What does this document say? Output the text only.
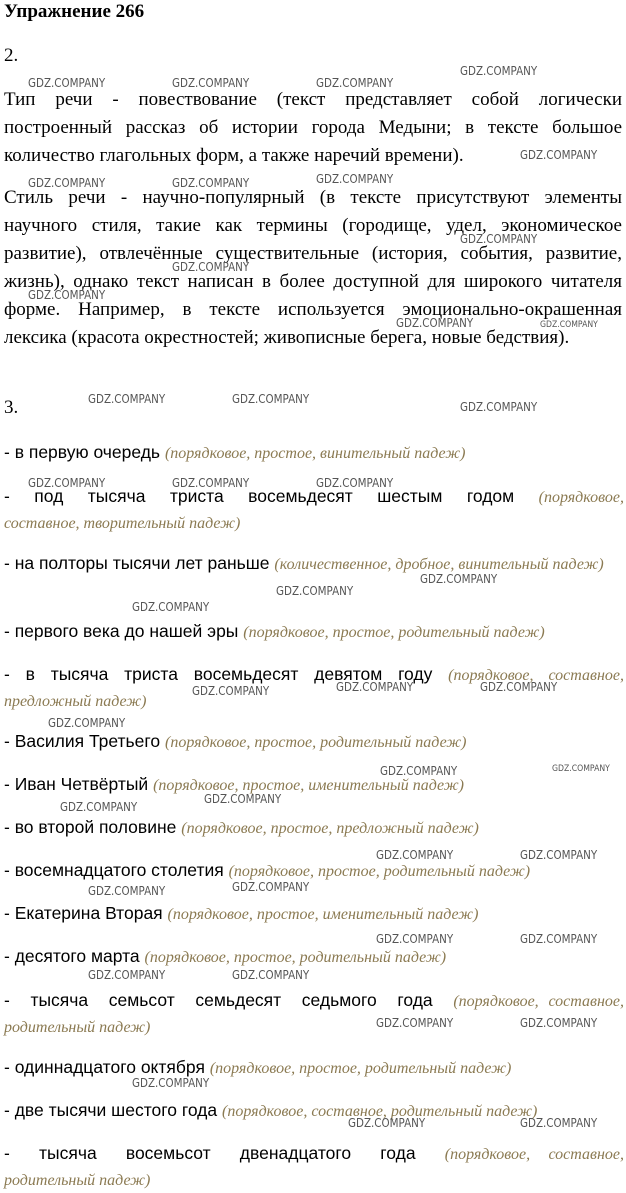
Упражнение 266
2.

Тип речи - повествование (текст представляет собой логически построенный рассказ об истории города Медыни; в тексте большое количество глагольных форм, а также наречий времени).

Стиль речи - научно-популярный (в тексте присутствуют элементы научного стиля, такие как термины (городище, удел, экономическое развитие), отвлечённые существительные (история, события, развитие, жизнь), однако текст написан в более доступной для широкого читателя форме. Например, в тексте используется эмоционально-окрашенная лексика (красота окрестностей; живописные берега, новые бедствия).

3.

- в первую очередь (порядковое, простое, винительный падеж)

- под тысяча триста восемьдесят шестым годом (порядковое, составное, творительный падеж)

- на полторы тысячи лет раньше (количественное, дробное, винительный падеж)

- первого века до нашей эры (порядковое, простое, родительный падеж)

- в тысяча триста восемьдесят девятом году (порядковое, составное, предложный падеж)

- Василия Третьего (порядковое, простое, родительный падеж)

- Иван Четвёртый (порядковое, простое, именительный падеж)

- во второй половине (порядковое, простое, предложный падеж)

- восемнадцатого столетия (порядковое, простое, родительный падеж)

- Екатерина Вторая (порядковое, простое, именительный падеж)

- десятого марта (порядковое, простое, родительный падеж)

- тысяча семьсот семьдесят седьмого года (порядковое, составное, родительный падеж)

- одиннадцатого октября (порядковое, простое, родительный падеж)

- две тысячи шестого года (порядковое, составное, родительный падеж)

- тысяча восемьсот двенадцатого года (порядковое, составное, родительный падеж)

GDZ.COMPANY	GDZ.COMPANY	GDZ.COMPANY
GDZ.COMPANY
GDZ.COMPANY
GDZ.COMPANY	GDZ.COMPANY	GDZ.COMPANY
GDZ.COMPANY
GDZ.COMPANY
GDZ.COMPANY
GDZ.COMPANY	GDZ.COMPANY
GDZ.COMPANY	GDZ.COMPANY
GDZ.COMPANY
GDZ.COMPANY	GDZ.COMPANY	GDZ.COMPANY
GDZ.COMPANY
GDZ.COMPANY
GDZ.COMPANY
GDZ.COMPANY	GDZ.COMPANY	GDZ.COMPANY
GDZ.COMPANY
GDZ.COMPANY	GDZ.COMPANY
GDZ.COMPANY
GDZ.COMPANY
GDZ.COMPANY	GDZ.COMPANY
GDZ.COMPANY
GDZ.COMPANY
GDZ.COMPANY	GDZ.COMPANY
GDZ.COMPANY	GDZ.COMPANY
GDZ.COMPANY	GDZ.COMPANY
GDZ.COMPANY
GDZ.COMPANY	GDZ.COMPANY
